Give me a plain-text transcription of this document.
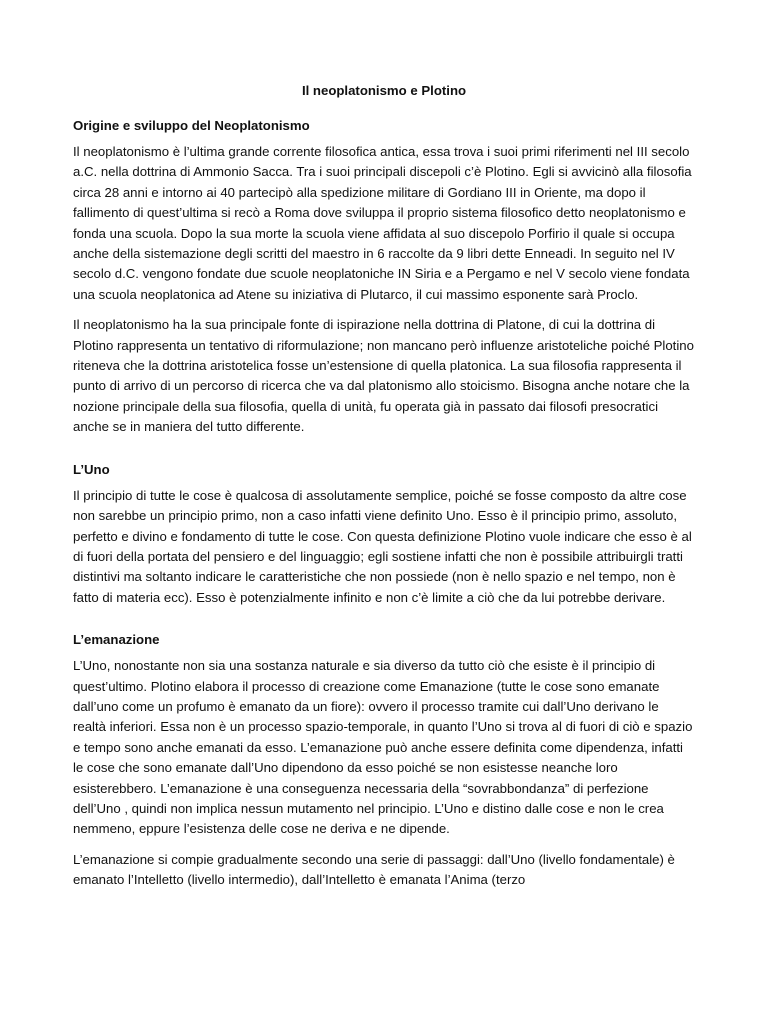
Il neoplatonismo e Plotino
Origine e sviluppo del Neoplatonismo

Il neoplatonismo è l’ultima grande corrente filosofica antica, essa trova i suoi primi riferimenti nel III secolo a.C. nella dottrina di Ammonio Sacca. Tra i suoi principali discepoli c’è Plotino. Egli si avvicinò alla filosofia circa 28 anni e intorno ai 40 partecipò alla spedizione militare di Gordiano III in Oriente, ma dopo il fallimento di quest’ultima si recò a Roma dove sviluppa il proprio sistema filosofico detto neoplatonismo e fonda una scuola. Dopo la sua morte la scuola viene affidata al suo discepolo Porfirio il quale si occupa anche della sistemazione degli scritti del maestro in 6 raccolte da 9 libri dette Enneadi. In seguito nel IV secolo d.C. vengono fondate due scuole neoplatoniche IN Siria e a Pergamo e nel V secolo viene fondata una scuola neoplatonica ad Atene su iniziativa di Plutarco, il cui massimo esponente sarà Proclo.

Il neoplatonismo ha la sua principale fonte di ispirazione nella dottrina di Platone, di cui la dottrina di Plotino rappresenta un tentativo di riformulazione; non mancano però influenze aristoteliche poiché Plotino riteneva che la dottrina aristotelica fosse un’estensione di quella platonica. La sua filosofia rappresenta il punto di arrivo di un percorso di ricerca che va dal platonismo allo stoicismo. Bisogna anche notare che la nozione principale della sua filosofia, quella di unità, fu operata già in passato dai filosofi presocratici anche se in maniera del tutto differente.

L’Uno

Il principio di tutte le cose è qualcosa di assolutamente semplice, poiché se fosse composto da altre cose non sarebbe un principio primo, non a caso infatti viene definito Uno. Esso è il principio primo, assoluto, perfetto e divino e fondamento di tutte le cose. Con questa definizione Plotino vuole indicare che esso è al di fuori della portata del pensiero e del linguaggio; egli sostiene infatti che non è possibile attribuirgli tratti distintivi ma soltanto indicare le caratteristiche che non possiede (non è nello spazio e nel tempo, non è fatto di materia ecc). Esso è potenzialmente infinito e non c’è limite a ciò che da lui potrebbe derivare.

L’emanazione

L’Uno, nonostante non sia una sostanza naturale e sia diverso da tutto ciò che esiste è il principio di quest’ultimo. Plotino elabora il processo di creazione come Emanazione (tutte le cose sono emanate dall’uno come un profumo è emanato da un fiore): ovvero il processo tramite cui dall’Uno derivano le realtà inferiori. Essa non è un processo spazio-temporale, in quanto l’Uno si trova al di fuori di ciò e spazio e tempo sono anche emanati da esso. L’emanazione può anche essere definita come dipendenza, infatti le cose che sono emanate dall’Uno dipendono da esso poiché se non esistesse neanche loro esisterebbero. L’emanazione è una conseguenza necessaria della “sovrabbondanza” di perfezione dell’Uno , quindi non implica nessun mutamento nel principio. L’Uno e distino dalle cose e non le crea nemmeno, eppure l’esistenza delle cose ne deriva e ne dipende.

L’emanazione si compie gradualmente secondo una serie di passaggi: dall’Uno (livello fondamentale) è emanato l’Intelletto (livello intermedio), dall’Intelletto è emanata l’Anima (terzo
